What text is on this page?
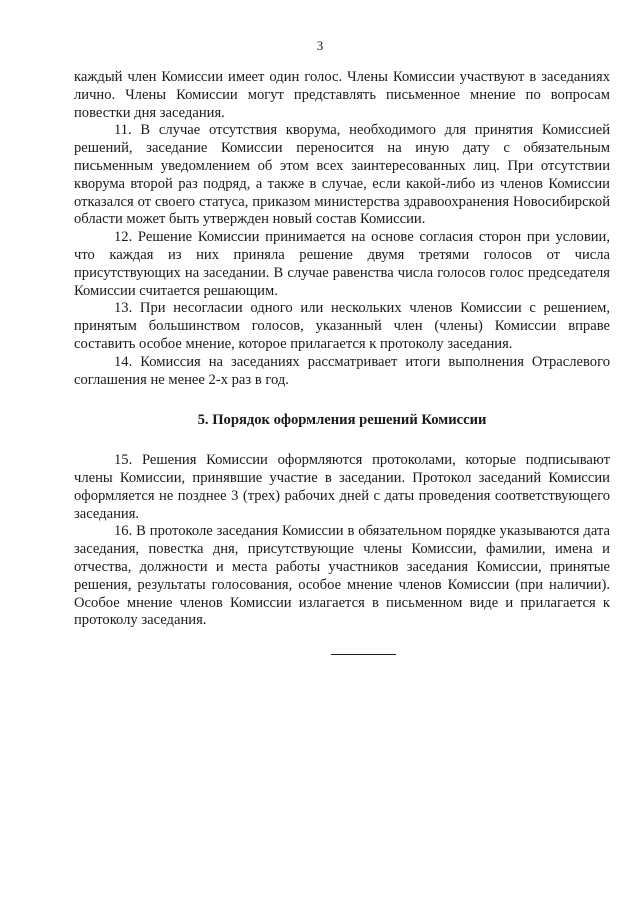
3

каждый член Комиссии имеет один голос. Члены Комиссии участвуют в заседаниях лично. Члены Комиссии могут представлять письменное мнение по вопросам повестки дня заседания.

11. В случае отсутствия кворума, необходимого для принятия Комиссией решений, заседание Комиссии переносится на иную дату с обязательным письменным уведомлением об этом всех заинтересованных лиц. При отсутствии кворума второй раз подряд, а также в случае, если какой-либо из членов Комиссии отказался от своего статуса, приказом министерства здравоохранения Новосибирской области может быть утвержден новый состав Комиссии.

12. Решение Комиссии принимается на основе согласия сторон при условии, что каждая из них приняла решение двумя третями голосов от числа присутствующих на заседании. В случае равенства числа голосов голос председателя Комиссии считается решающим.

13. При несогласии одного или нескольких членов Комиссии с решением, принятым большинством голосов, указанный член (члены) Комиссии вправе составить особое мнение, которое прилагается к протоколу заседания.

14. Комиссия на заседаниях рассматривает итоги выполнения Отраслевого соглашения не менее 2-х раз в год.

5. Порядок оформления решений Комиссии

15. Решения Комиссии оформляются протоколами, которые подписывают члены Комиссии, принявшие участие в заседании. Протокол заседаний Комиссии оформляется не позднее 3 (трех) рабочих дней с даты проведения соответствующего заседания.

16. В протоколе заседания Комиссии в обязательном порядке указываются дата заседания, повестка дня, присутствующие члены Комиссии, фамилии, имена и отчества, должности и места работы участников заседания Комиссии, принятые решения, результаты голосования, особое мнение членов Комиссии (при наличии). Особое мнение членов Комиссии излагается в письменном виде и прилагается к протоколу заседания.
